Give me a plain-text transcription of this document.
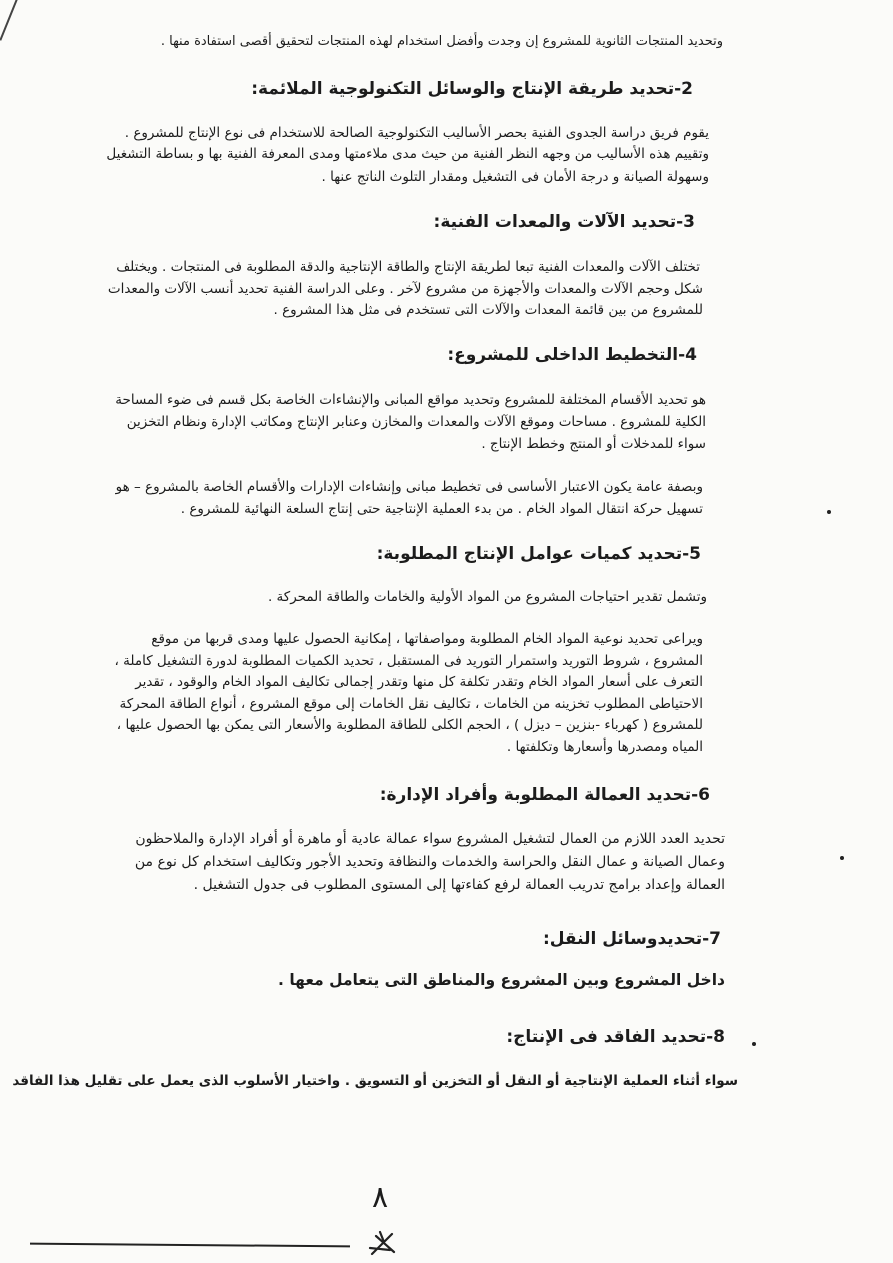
وتحديد المنتجات الثانوية للمشروع إن وجدت وأفضل استخدام لهذه المنتجات لتحقيق أقصى استفادة منها .
2-تحديد طريقة الإنتاج والوسائل التكنولوجية الملائمة:
يقوم فريق دراسة الجدوى الفنية بحصر الأساليب التكنولوجية الصالحة للاستخدام فى نوع الإنتاج للمشروع .
وتقييم هذه الأساليب من وجهه النظر الفنية من حيث مدى ملاءمتها ومدى المعرفة الفنية بها و بساطة التشغيل
وسهولة الصيانة و درجة الأمان فى التشغيل ومقدار التلوث الناتج عنها .
3-تحديد الآلات والمعدات الفنية:
تختلف الآلات والمعدات الفنية تبعا لطريقة الإنتاج والطاقة الإنتاجية والدقة المطلوبة فى المنتجات . ويختلف
شكل وحجم الآلات والمعدات والأجهزة من مشروع لآخر . وعلى الدراسة الفنية تحديد أنسب الآلات والمعدات
للمشروع من بين قائمة المعدات والآلات التى تستخدم فى مثل هذا المشروع .
4-التخطيط الداخلى للمشروع:
هو تحديد الأقسام المختلفة للمشروع وتحديد مواقع المبانى والإنشاءات الخاصة بكل قسم فى ضوء المساحة
الكلية للمشروع . مساحات وموقع الآلات والمعدات والمخازن وعنابر الإنتاج ومكاتب الإدارة ونظام التخزين
سواء للمدخلات أو المنتج وخطط الإنتاج .
وبصفة عامة يكون الاعتبار الأساسى فى تخطيط مبانى وإنشاءات الإدارات والأقسام الخاصة بالمشروع – هو
تسهيل حركة انتقال المواد الخام . من بدء العملية الإنتاجية حتى إنتاج السلعة النهائية للمشروع .
5-تحديد كميات عوامل الإنتاج المطلوبة:
وتشمل تقدير احتياجات المشروع من المواد الأولية والخامات والطاقة المحركة .
ويراعى تحديد نوعية المواد الخام المطلوبة ومواصفاتها ، إمكانية الحصول عليها ومدى قربها من موقع
المشروع ، شروط التوريد واستمرار التوريد فى المستقبل ، تحديد الكميات المطلوبة لدورة التشغيل كاملة ،
التعرف على أسعار المواد الخام وتقدر تكلفة كل منها وتقدر إجمالى تكاليف المواد الخام والوقود ، تقدير
الاحتياطى المطلوب تخزينه من الخامات ، تكاليف نقل الخامات إلى موقع المشروع ، أنواع الطاقة المحركة
للمشروع ( كهرباء -بنزين – ديزل ) ، الحجم الكلى للطاقة المطلوبة والأسعار التى يمكن بها الحصول عليها ،
المياه ومصدرها وأسعارها وتكلفتها .
6-تحديد العمالة المطلوبة وأفراد الإدارة:
تحديد العدد اللازم من العمال لتشغيل المشروع سواء عمالة عادية أو ماهرة أو أفراد الإدارة والملاحظون
وعمال الصيانة و عمال النقل والحراسة والخدمات والنظافة وتحديد الأجور وتكاليف استخدام كل نوع من
العمالة وإعداد برامج تدريب العمالة لرفع كفاءتها إلى المستوى المطلوب فى جدول التشغيل .
7-تحديدوسائل النقل:
داخل المشروع وبين المشروع والمناطق التى يتعامل معها .
8-تحديد الفاقد فى الإنتاج:
سواء أثناء العملية الإنتاجية أو النقل أو التخزين أو التسويق . واختيار الأسلوب الذى يعمل على تقليل هذا الفاقد
٨
